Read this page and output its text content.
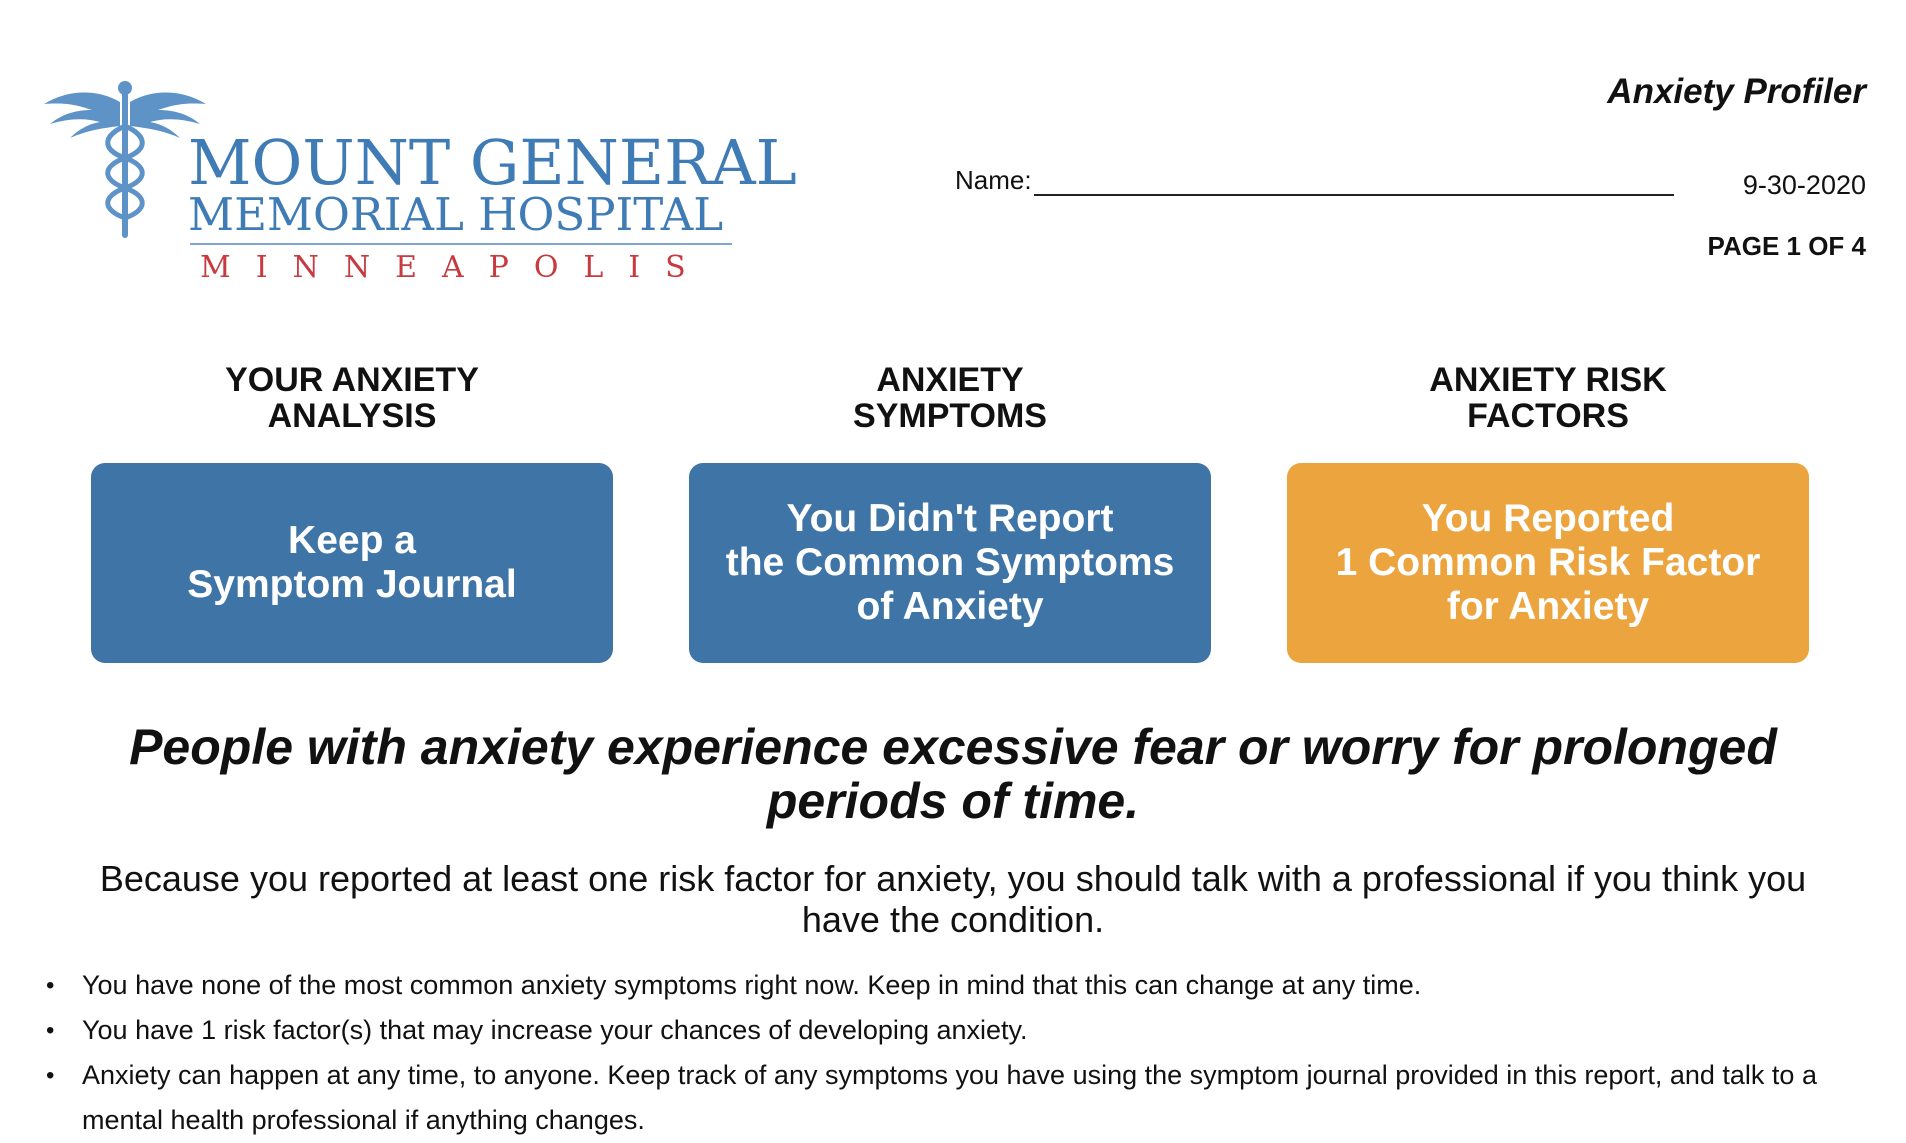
MOUNT GENERAL
MEMORIAL HOSPITAL
MINNEAPOLIS
Anxiety Profiler
Name:	9-30-2020
PAGE 1 OF 4
YOUR ANXIETY
ANALYSIS
Keep a
Symptom Journal
ANXIETY
SYMPTOMS
You Didn't Report
the Common Symptoms
of Anxiety
ANXIETY RISK
FACTORS
You Reported
1 Common Risk Factor
for Anxiety
People with anxiety experience excessive fear or worry for prolonged periods of time.
Because you reported at least one risk factor for anxiety, you should talk with a professional if you think you have the condition.
• You have none of the most common anxiety symptoms right now. Keep in mind that this can change at any time.
• You have 1 risk factor(s) that may increase your chances of developing anxiety.
• Anxiety can happen at any time, to anyone. Keep track of any symptoms you have using the symptom journal provided in this report, and talk to a mental health professional if anything changes.
